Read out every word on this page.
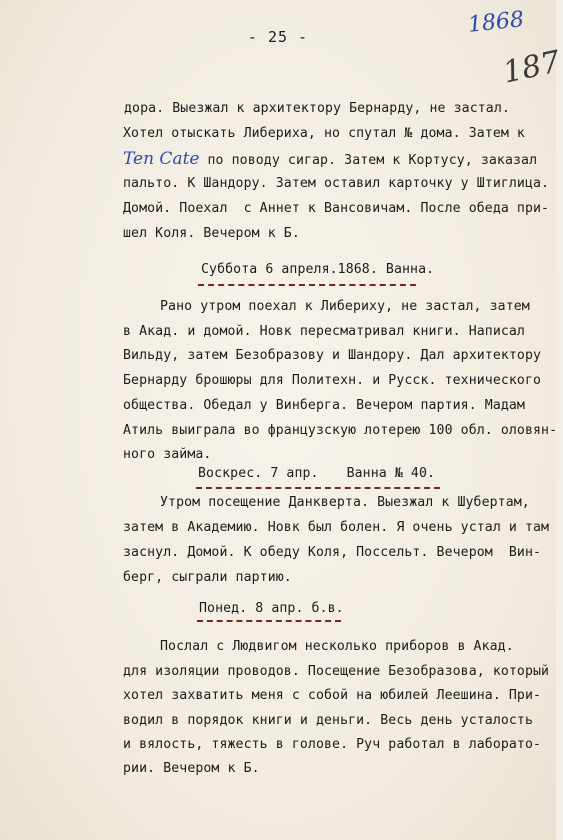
- 25 -	1868
187
дора. Выезжал к архитектору Бернарду, не застал.
Хотел отыскать Либериха, но спутал № дома. Затем к
Ten Cate по поводу сигар. Затем к Кортусу, заказал
пальто. К Шандору. Затем оставил карточку у Штиглица.
Домой. Поехал  с Аннет к Вансовичам. После обеда при-
шел Коля. Вечером к Б.
Суббота 6 апреля.1868. Ванна.
Рано утром поехал к Либериху, не застал, затем
в Акад. и домой. Новк пересматривал книги. Написал
Вильду, затем Безобразову и Шандору. Дал архитектору
Бернарду брошюры для Политехн. и Русск. технического
общества. Обедал у Винберга. Вечером партия. Мадам
Атиль выиграла во французскую лотерею 100 обл. оловян-
ного займа.
Воскрес. 7 апр. Ванна № 40.
Утром посещение Данкверта. Выезжал к Шубертам,
затем в Академию. Новк был болен. Я очень устал и там
заснул. Домой. К обеду Коля, Поссельт. Вечером  Вин-
берг, сыграли партию.
Понед. 8 апр. б.в.
Послал с Людвигом несколько приборов в Акад.
для изоляции проводов. Посещение Безобразова, который
хотел захватить меня с собой на юбилей Леешина. При-
водил в порядок книги и деньги. Весь день усталость
и вялость, тяжесть в голове. Руч работал в лаборато-
рии. Вечером к Б.
